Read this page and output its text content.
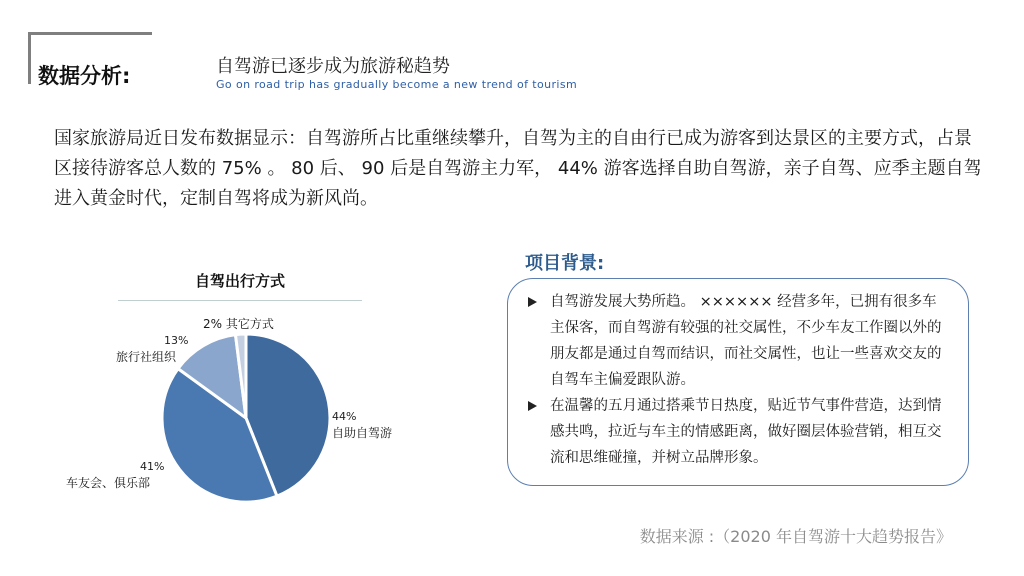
数据分析:	自驾游已逐步成为旅游秘趋势
Go on road trip has gradually become a new trend of tourism
国家旅游局近日发布数据显示：自驾游所占比重继续攀升，自驾为主的自由行已成为游客到达景区的主要方式，占景区接待游客总人数的 75% 。 80 后、 90 后是自驾游主力军， 44% 游客选择自助自驾游，亲子自驾、应季主题自驾进入黄金时代，定制自驾将成为新风尚。
自驾出行方式
44%
自助自驾游
41%
车友会、俱乐部
13%
旅行社组织
2% 其它方式
项目背景:
自驾游发展大势所趋。 ×××××× 经营多年，已拥有很多车主保客，而自驾游有较强的社交属性，不少车友工作圈以外的朋友都是通过自驾而结识，而社交属性，也让一些喜欢交友的自驾车主偏爱跟队游。
在温馨的五月通过搭乘节日热度，贴近节气事件营造，达到情感共鸣，拉近与车主的情感距离，做好圈层体验营销，相互交流和思维碰撞，并树立品牌形象。
数据来源 :（2020 年自驾游十大趋势报告》
